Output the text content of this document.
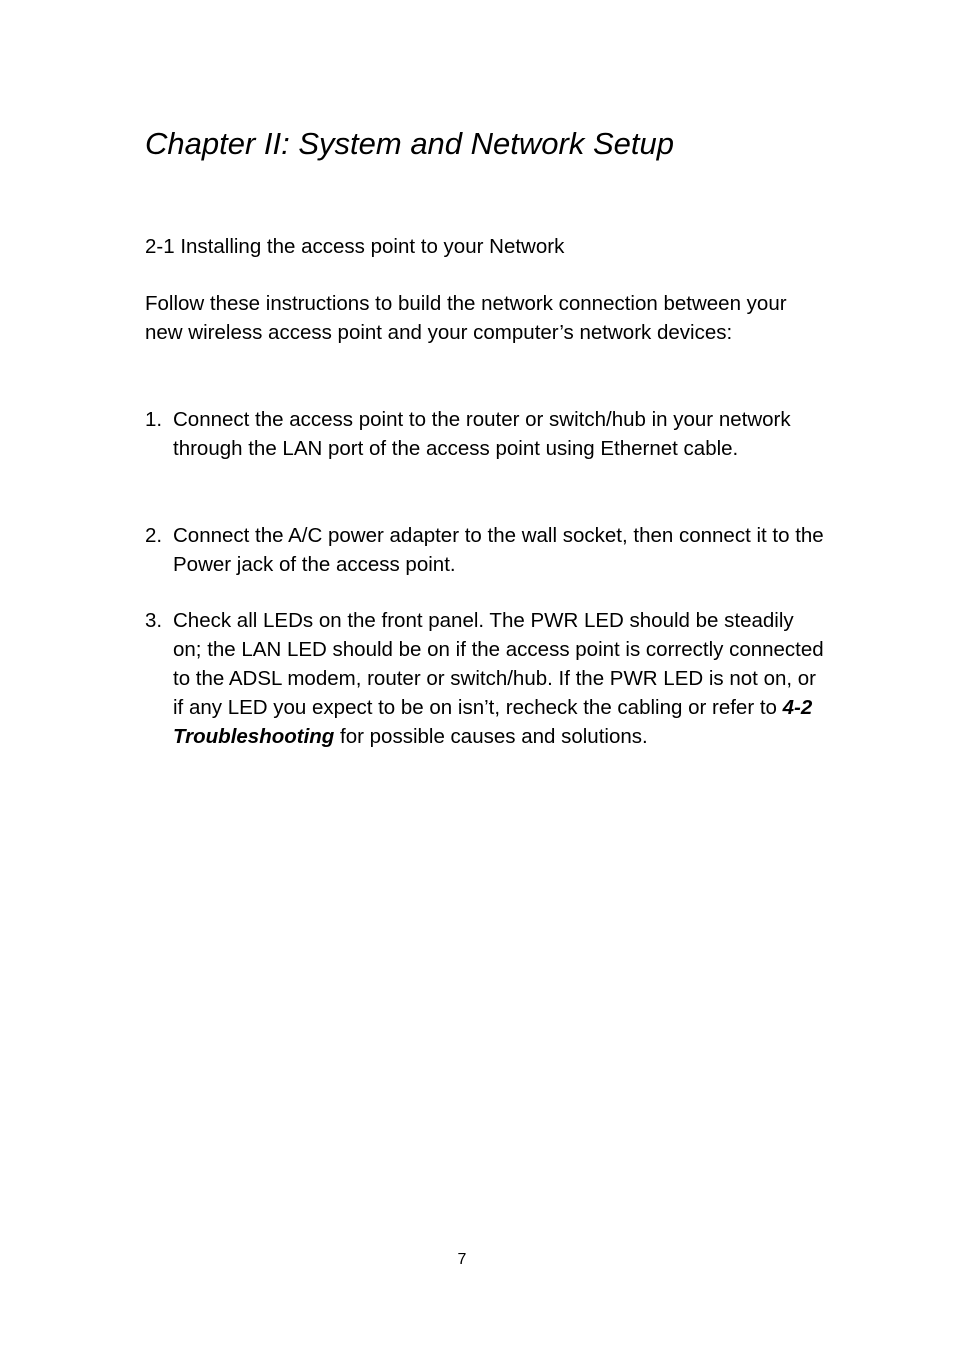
Chapter II: System and Network Setup
2-1 Installing the access point to your Network

Follow these instructions to build the network connection between your new wireless access point and your computer’s network devices:

1. Connect the access point to the router or switch/hub in your network through the LAN port of the access point using Ethernet cable.

2. Connect the A/C power adapter to the wall socket, then connect it to the Power jack of the access point.

3. Check all LEDs on the front panel. The PWR LED should be steadily on; the LAN LED should be on if the access point is correctly connected to the ADSL modem, router or switch/hub. If the PWR LED is not on, or if any LED you expect to be on isn’t, recheck the cabling or refer to 4-2 Troubleshooting for possible causes and solutions.

7
